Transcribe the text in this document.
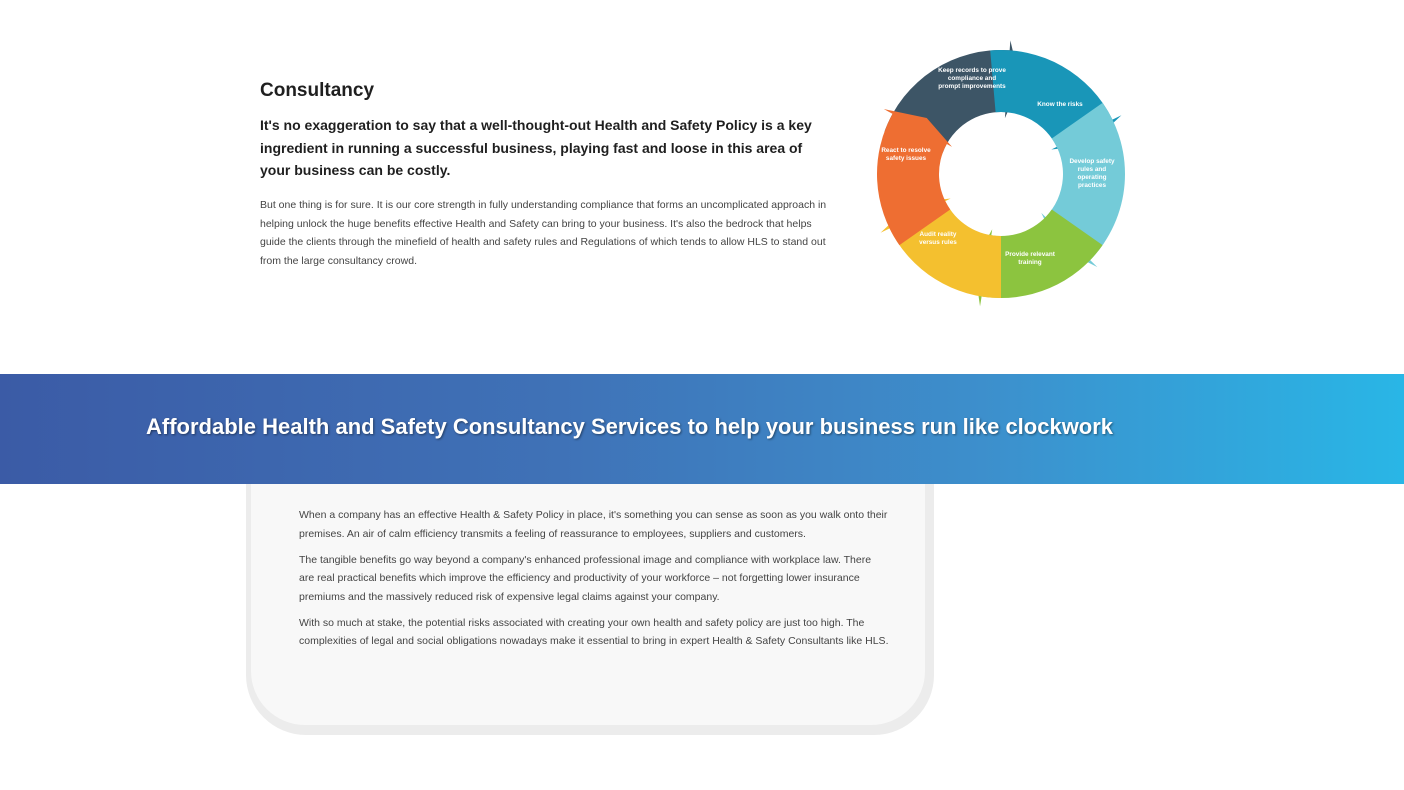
Consultancy

It's no exaggeration to say that a well-thought-out Health and Safety Policy is a key ingredient in running a successful business, playing fast and loose in this area of your business can be costly.

But one thing is for sure. It is our core strength in fully understanding compliance that forms an uncomplicated approach in helping unlock the huge benefits effective Health and Safety can bring to your business. It's also the bedrock that helps guide the clients through the minefield of health and safety rules and Regulations of which tends to allow HLS to stand out from the large consultancy crowd.

Keep records to prove compliance and prompt improvements
Know the risks
Develop safety rules and operating practices
Provide relevant training
Audit reality versus rules
React to resolve safety issues
Affordable Health and Safety Consultancy Services to help your business run like clockwork

When a company has an effective Health & Safety Policy in place, it's something you can sense as soon as you walk onto their premises. An air of calm efficiency transmits a feeling of reassurance to employees, suppliers and customers.

The tangible benefits go way beyond a company's enhanced professional image and compliance with workplace law. There are real practical benefits which improve the efficiency and productivity of your workforce – not forgetting lower insurance premiums and the massively reduced risk of expensive legal claims against your company.

With so much at stake, the potential risks associated with creating your own health and safety policy are just too high. The complexities of legal and social obligations nowadays make it essential to bring in expert Health & Safety Consultants like HLS.
